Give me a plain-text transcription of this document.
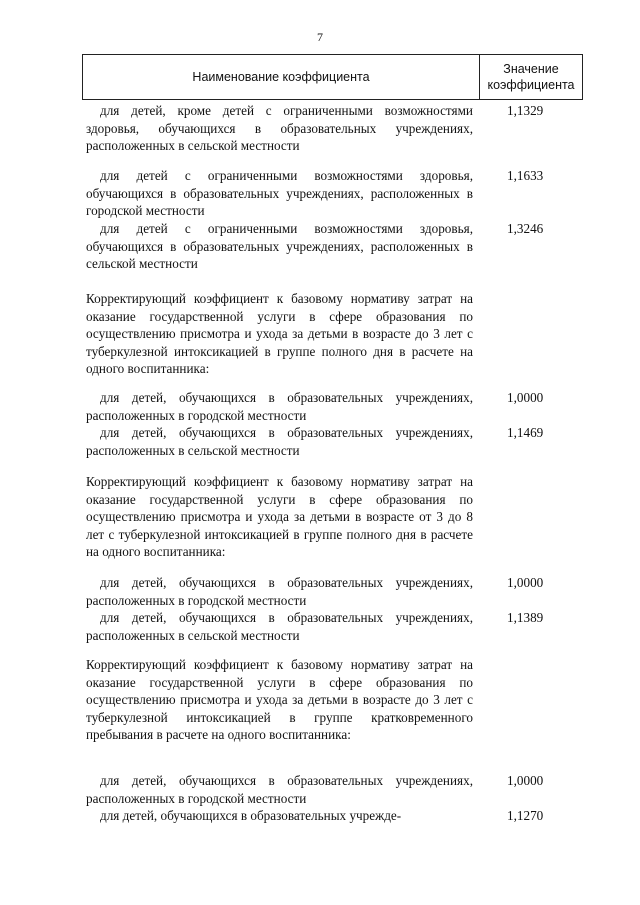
7
Наименование коэффициента
Значение
коэффициента
для детей, кроме детей с ограниченными возможностями здоровья, обучающихся в образовательных учреждениях, расположенных в сельской местности
1,1329
для детей с ограниченными возможностями здоровья, обучающихся в образовательных учреждениях, расположенных в городской местности
1,1633
для детей с ограниченными возможностями здоровья, обучающихся в образовательных учреждениях, расположенных в сельской местности
1,3246
Корректирующий коэффициент к базовому нормативу затрат на оказание государственной услуги в сфере образования по осуществлению присмотра и ухода за детьми в возрасте до 3 лет с туберкулезной интоксикацией в группе полного дня в расчете на одного воспитанника:
для детей, обучающихся в образовательных учреждениях, расположенных в городской местности
1,0000
для детей, обучающихся в образовательных учреждениях, расположенных в сельской местности
1,1469
Корректирующий коэффициент к базовому нормативу затрат на оказание государственной услуги в сфере образования по осуществлению присмотра и ухода за детьми в возрасте от 3 до 8 лет с туберкулезной интоксикацией в группе полного дня в расчете на одного воспитанника:
для детей, обучающихся в образовательных учреждениях, расположенных в городской местности
1,0000
для детей, обучающихся в образовательных учреждениях, расположенных в сельской местности
1,1389
Корректирующий коэффициент к базовому нормативу затрат на оказание государственной услуги в сфере образования по осуществлению присмотра и ухода за детьми в возрасте до 3 лет с туберкулезной интоксикацией в группе кратковременного пребывания в расчете на одного воспитанника:
для детей, обучающихся в образовательных учреждениях, расположенных в городской местности
1,0000
для детей, обучающихся в образовательных учрежде-	1,1270
